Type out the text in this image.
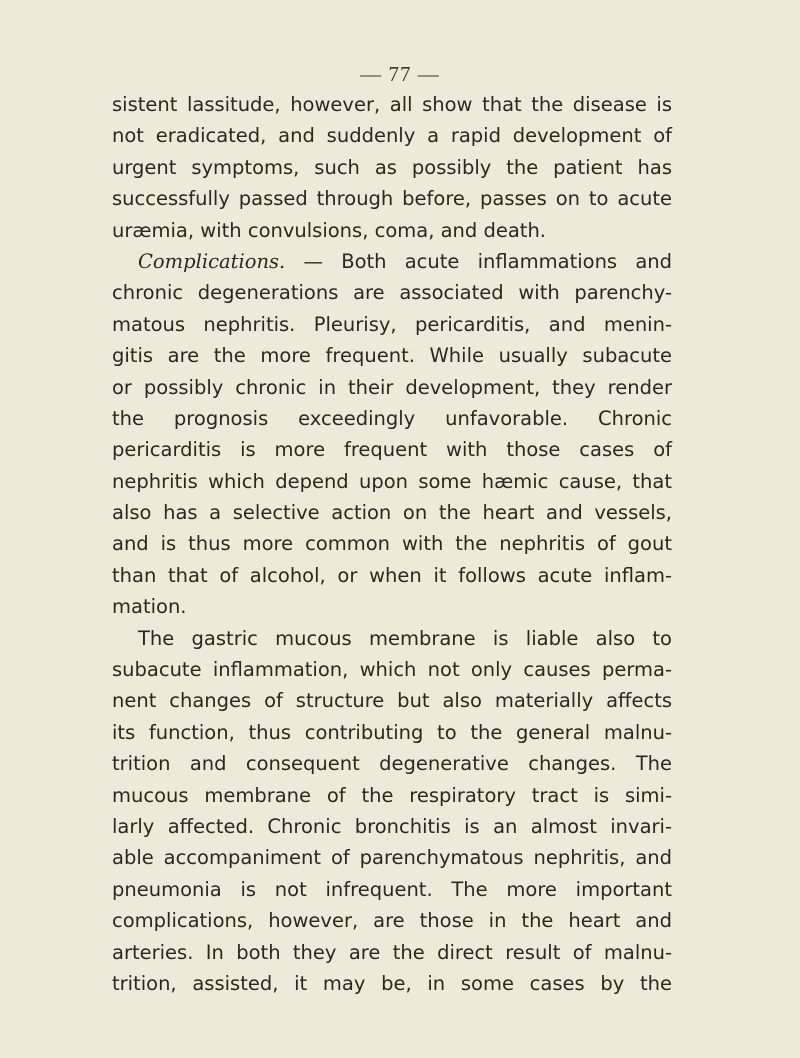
— 77 —
sistent lassitude, however, all show that the disease is
not eradicated, and suddenly a rapid development of
urgent symptoms, such as possibly the patient has
successfully passed through before, passes on to acute
uræmia, with convulsions, coma, and death.
Complications. — Both acute inflammations and
chronic degenerations are associated with parenchy-
matous nephritis. Pleurisy, pericarditis, and menin-
gitis are the more frequent. While usually subacute
or possibly chronic in their development, they render
the prognosis exceedingly unfavorable. Chronic
pericarditis is more frequent with those cases of
nephritis which depend upon some hæmic cause, that
also has a selective action on the heart and vessels,
and is thus more common with the nephritis of gout
than that of alcohol, or when it follows acute inflam-
mation.
The gastric mucous membrane is liable also to
subacute inflammation, which not only causes perma-
nent changes of structure but also materially affects
its function, thus contributing to the general malnu-
trition and consequent degenerative changes. The
mucous membrane of the respiratory tract is simi-
larly affected. Chronic bronchitis is an almost invari-
able accompaniment of parenchymatous nephritis, and
pneumonia is not infrequent. The more important
complications, however, are those in the heart and
arteries. In both they are the direct result of malnu-
trition, assisted, it may be, in some cases by the
